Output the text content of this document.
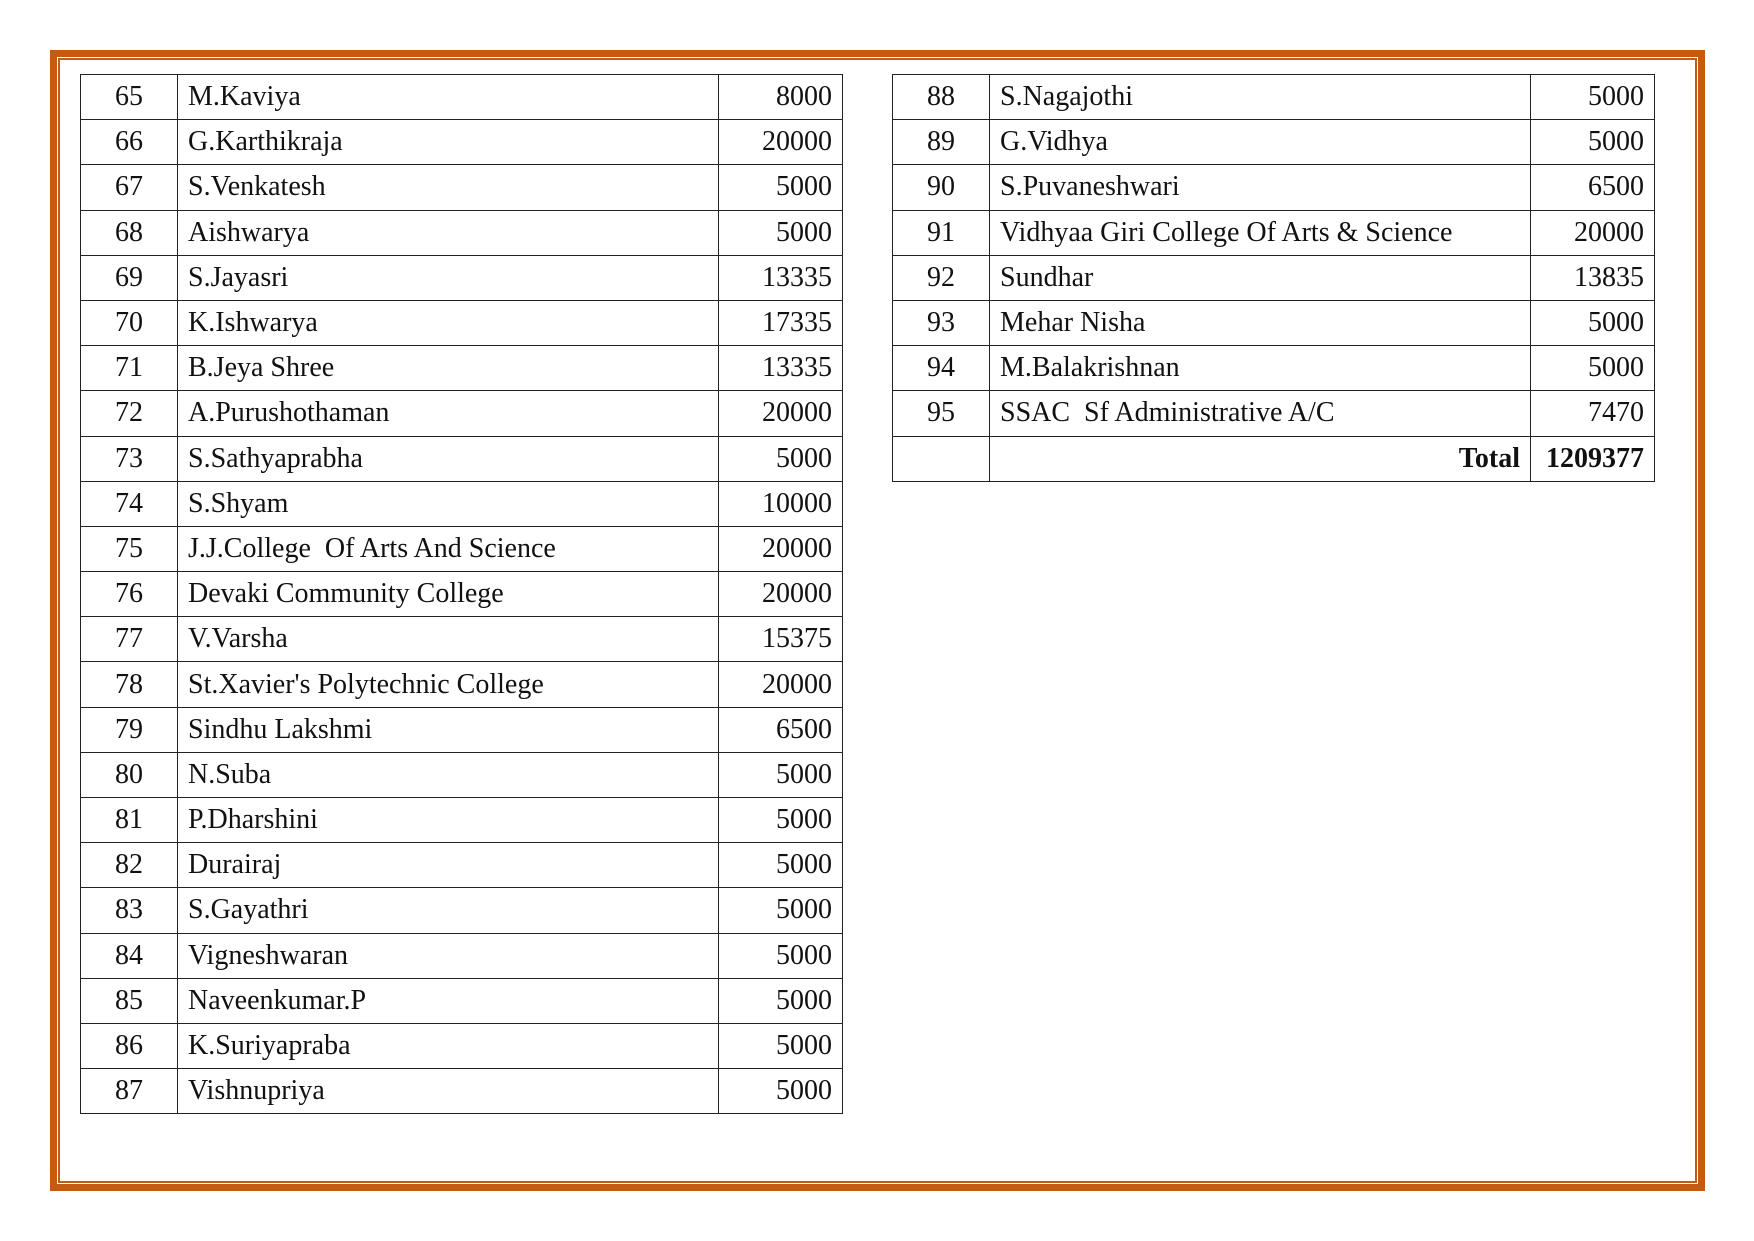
65	M.Kaviya	8000
66	G.Karthikraja	20000
67	S.Venkatesh	5000
68	Aishwarya	5000
69	S.Jayasri	13335
70	K.Ishwarya	17335
71	B.Jeya Shree	13335
72	A.Purushothaman	20000
73	S.Sathyaprabha	5000
74	S.Shyam	10000
75	J.J.College  Of Arts And Science	20000
76	Devaki Community College	20000
77	V.Varsha	15375
78	St.Xavier's Polytechnic College	20000
79	Sindhu Lakshmi	6500
80	N.Suba	5000
81	P.Dharshini	5000
82	Durairaj	5000
83	S.Gayathri	5000
84	Vigneshwaran	5000
85	Naveenkumar.P	5000
86	K.Suriyapraba	5000
87	Vishnupriya	5000
88	S.Nagajothi	5000
89	G.Vidhya	5000
90	S.Puvaneshwari	6500
91	Vidhyaa Giri College Of Arts & Science	20000
92	Sundhar	13835
93	Mehar Nisha	5000
94	M.Balakrishnan	5000
95	SSAC  Sf Administrative A/C	7470
	Total	1209377
